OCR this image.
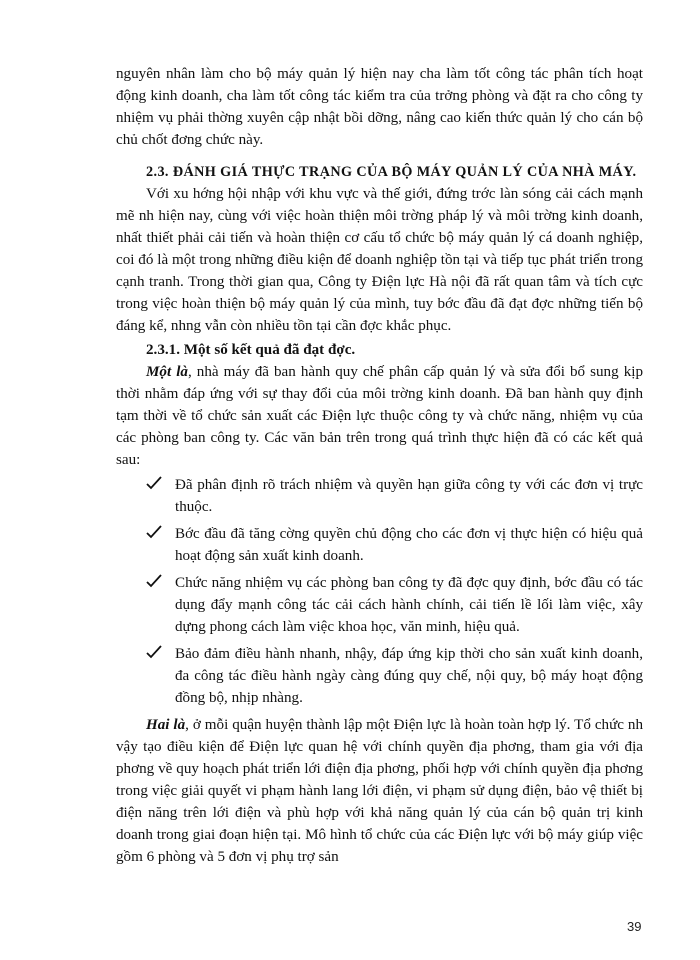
nguyên nhân làm cho bộ máy quản lý hiện nay cha làm tốt công tác phân tích hoạt động kinh doanh, cha làm tốt công tác kiểm tra của trởng phòng và đặt ra cho công ty nhiệm vụ phải thờng xuyên cập nhật bồi dỡng, nâng cao kiến thức quản lý cho cán bộ chủ chốt đơng chức này.

2.3. ĐÁNH GIÁ THỰC TRẠNG CỦA BỘ MÁY QUẢN LÝ CỦA NHÀ MÁY.

Với xu hớng hội nhập với khu vực và thế giới, đứng trớc làn sóng cải cách mạnh mẽ nh hiện nay, cùng với việc hoàn thiện môi trờng pháp lý và môi trờng kinh doanh, nhất thiết phải cải tiến và hoàn thiện cơ cấu tổ chức bộ máy quản lý cá doanh nghiệp, coi đó là một trong những điều kiện để doanh nghiệp tồn tại và tiếp tục phát triển trong cạnh tranh. Trong thời gian qua, Công ty Điện lực Hà nội đã rất quan tâm và tích cực trong việc hoàn thiện bộ máy quản lý của mình, tuy bớc đầu đã đạt đợc những tiến bộ đáng kể, nhng vẫn còn nhiều tồn tại cần đợc khắc phục.

2.3.1. Một số kết quả đã đạt đợc.

Một là, nhà máy đã ban hành quy chế phân cấp quản lý và sửa đổi bổ sung kịp thời nhằm đáp ứng với sự thay đổi của môi trờng kinh doanh. Đã ban hành quy định tạm thời về tổ chức sản xuất các Điện lực thuộc công ty và chức năng, nhiệm vụ của các phòng ban công ty. Các văn bản trên trong quá trình thực hiện đã có các kết quả sau:

Đã phân định rõ trách nhiệm và quyền hạn giữa công ty với các đơn vị trực thuộc.
Bớc đầu đã tăng cờng quyền chủ động cho các đơn vị thực hiện có hiệu quả hoạt động sản xuất kinh doanh.
Chức năng nhiệm vụ các phòng ban công ty đã đợc quy định, bớc đầu có tác dụng đẩy mạnh công tác cải cách hành chính, cải tiến lề lối làm việc, xây dựng phong cách làm việc khoa học, văn minh, hiệu quả.
Bảo đảm điều hành nhanh, nhậy, đáp ứng kịp thời cho sản xuất kinh doanh, đa công tác điều hành ngày càng đúng quy chế, nội quy, bộ máy hoạt động đồng bộ, nhịp nhàng.

Hai là, ở mỗi quận huyện thành lập một Điện lực là hoàn toàn hợp lý. Tổ chức nh vậy tạo điều kiện để Điện lực quan hệ với chính quyền địa phơng, tham gia với địa phơng về quy hoạch phát triển lới điện địa phơng, phối hợp với chính quyền địa phơng trong việc giải quyết vi phạm hành lang lới điện, vi phạm sử dụng điện, bảo vệ thiết bị điện năng trên lới điện và phù hợp với khả năng quản lý của cán bộ quản trị kinh doanh trong giai đoạn hiện tại. Mô hình tổ chức của các Điện lực với bộ máy giúp việc gồm 6 phòng và 5 đơn vị phụ trợ sản

39
